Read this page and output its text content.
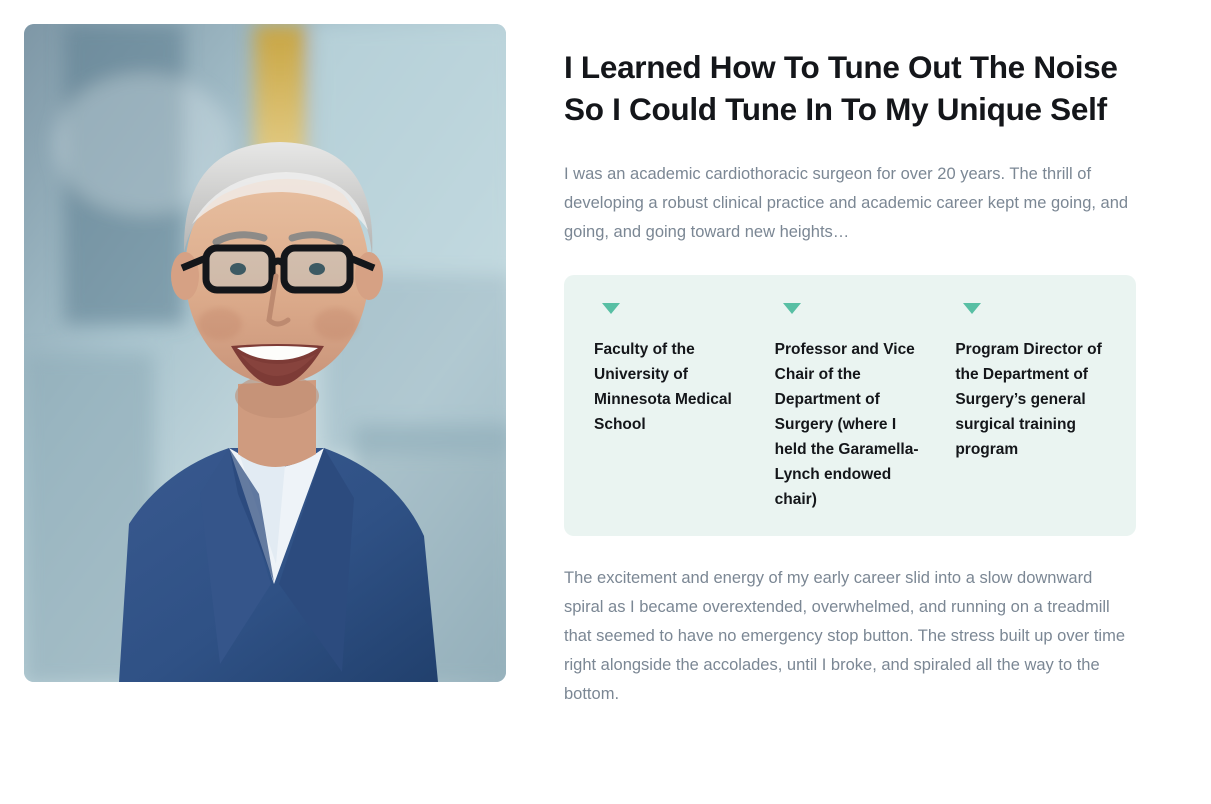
I Learned How To Tune Out The Noise So I Could Tune In To My Unique Self

I was an academic cardiothoracic surgeon for over 20 years. The thrill of developing a robust clinical practice and academic career kept me going, and going, and going toward new heights…

Faculty of the University of Minnesota Medical School
Professor and Vice Chair of the Department of Surgery (where I held the Garamella-Lynch endowed chair)
Program Director of the Department of Surgery’s general surgical training program

The excitement and energy of my early career slid into a slow downward spiral as I became overextended, overwhelmed, and running on a treadmill that seemed to have no emergency stop button. The stress built up over time right alongside the accolades, until I broke, and spiraled all the way to the bottom.
